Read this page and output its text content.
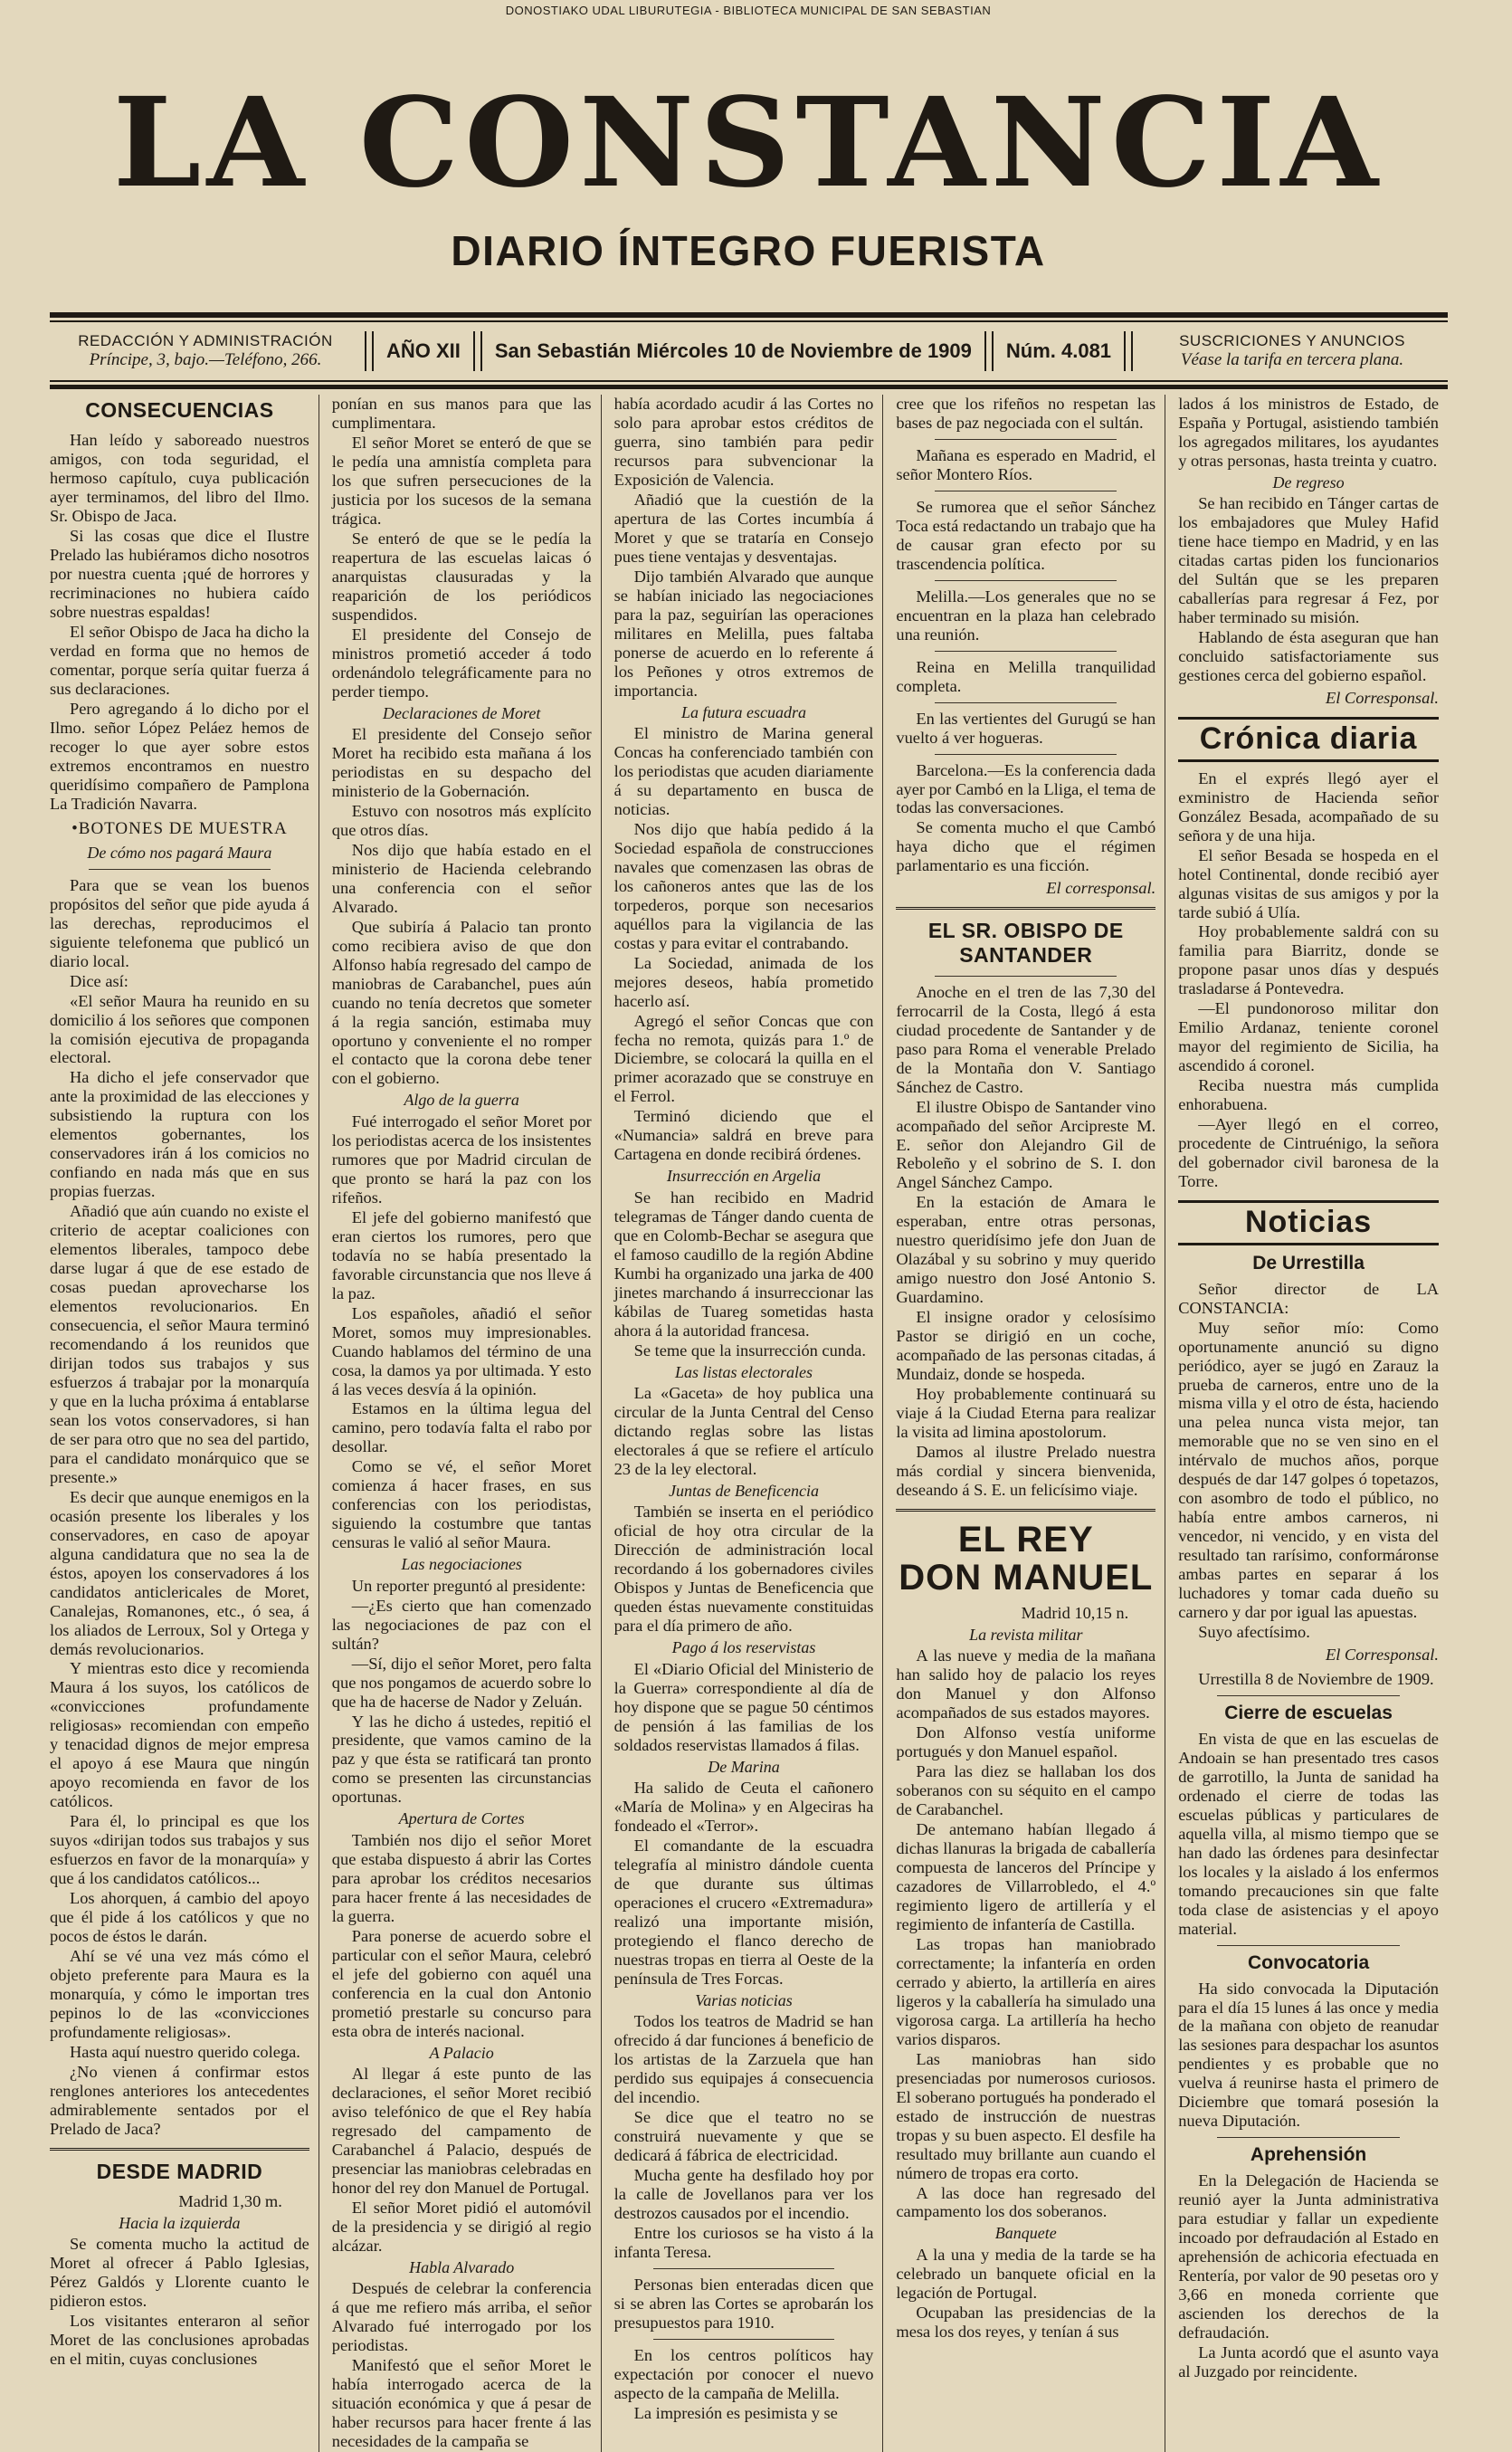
DONOSTIAKO UDAL LIBURUTEGIA - BIBLIOTECA MUNICIPAL DE SAN SEBASTIAN
LA CONSTANCIA
DIARIO ÍNTEGRO FUERISTA
REDACCIÓN Y ADMINISTRACIÓN
Príncipe, 3, bajo.—Teléfono, 266.	AÑO XII	San Sebastián Miércoles 10 de Noviembre de 1909	Núm. 4.081	SUSCRICIONES Y ANUNCIOS
Véase la tarifa en tercera plana.
CONSECUENCIAS

Han leído y saboreado nuestros amigos, con toda seguridad, el hermoso capítulo, cuya publicación ayer terminamos, del libro del Ilmo. Sr. Obispo de Jaca.

Si las cosas que dice el Ilustre Prelado las hubiéramos dicho nosotros por nuestra cuenta ¡qué de horrores y recriminaciones no hubiera caído sobre nuestras espaldas!

El señor Obispo de Jaca ha dicho la verdad en forma que no hemos de comentar, porque sería quitar fuerza á sus declaraciones.

Pero agregando á lo dicho por el Ilmo. señor López Peláez hemos de recoger lo que ayer sobre estos extremos encontramos en nuestro queridísimo compañero de Pamplona La Tradición Navarra.

•BOTONES DE MUESTRA
De cómo nos pagará Maura

Para que se vean los buenos propósitos del señor que pide ayuda á las derechas, reproducimos el siguiente telefonema que publicó un diario local.

Dice así:

«El señor Maura ha reunido en su domicilio á los señores que componen la comisión ejecutiva de propaganda electoral.

Ha dicho el jefe conservador que ante la proximidad de las elecciones y subsistiendo la ruptura con los elementos gobernantes, los conservadores irán á los comicios no confiando en nada más que en sus propias fuerzas.

Añadió que aún cuando no existe el criterio de aceptar coaliciones con elementos liberales, tampoco debe darse lugar á que de ese estado de cosas puedan aprovecharse los elementos revolucionarios. En consecuencia, el señor Maura terminó recomendando á los reunidos que dirijan todos sus trabajos y sus esfuerzos á trabajar por la monarquía y que en la lucha próxima á entablarse sean los votos conservadores, si han de ser para otro que no sea del partido, para el candidato monárquico que se presente.»

Es decir que aunque enemigos en la ocasión presente los liberales y los conservadores, en caso de apoyar alguna candidatura que no sea la de éstos, apoyen los conservadores á los candidatos anticlericales de Moret, Canalejas, Romanones, etc., ó sea, á los aliados de Lerroux, Sol y Ortega y demás revolucionarios.

Y mientras esto dice y recomienda Maura á los suyos, los católicos de «convicciones profundamente religiosas» recomiendan con empeño y tenacidad dignos de mejor empresa el apoyo á ese Maura que ningún apoyo recomienda en favor de los católicos.

Para él, lo principal es que los suyos «dirijan todos sus trabajos y sus esfuerzos en favor de la monarquía» y que á los candidatos católicos...

Los ahorquen, á cambio del apoyo que él pide á los católicos y que no pocos de éstos le darán.

Ahí se vé una vez más cómo el objeto preferente para Maura es la monarquía, y cómo le importan tres pepinos lo de las «convicciones profundamente religiosas».

Hasta aquí nuestro querido colega.

¿No vienen á confirmar estos renglones anteriores los antecedentes admirablemente sentados por el Prelado de Jaca?

DESDE MADRID
Madrid 1,30 m.
Hacia la izquierda

Se comenta mucho la actitud de Moret al ofrecer á Pablo Iglesias, Pérez Galdós y Llorente cuanto le pidieron estos.

Los visitantes enteraron al señor Moret de las conclusiones aprobadas en el mitin, cuyas conclusiones

ponían en sus manos para que las cumplimentara.

El señor Moret se enteró de que se le pedía una amnistía completa para los que sufren persecuciones de la justicia por los sucesos de la semana trágica.

Se enteró de que se le pedía la reapertura de las escuelas laicas ó anarquistas clausuradas y la reaparición de los periódicos suspendidos.

El presidente del Consejo de ministros prometió acceder á todo ordenándolo telegráficamente para no perder tiempo.

Declaraciones de Moret

El presidente del Consejo señor Moret ha recibido esta mañana á los periodistas en su despacho del ministerio de la Gobernación.

Estuvo con nosotros más explícito que otros días.

Nos dijo que había estado en el ministerio de Hacienda celebrando una conferencia con el señor Alvarado.

Que subiría á Palacio tan pronto como recibiera aviso de que don Alfonso había regresado del campo de maniobras de Carabanchel, pues aún cuando no tenía decretos que someter á la regia sanción, estimaba muy oportuno y conveniente el no romper el contacto que la corona debe tener con el gobierno.

Algo de la guerra

Fué interrogado el señor Moret por los periodistas acerca de los insistentes rumores que por Madrid circulan de que pronto se hará la paz con los rifeños.

El jefe del gobierno manifestó que eran ciertos los rumores, pero que todavía no se había presentado la favorable circunstancia que nos lleve á la paz.

Los españoles, añadió el señor Moret, somos muy impresionables. Cuando hablamos del término de una cosa, la damos ya por ultimada. Y esto á las veces desvía á la opinión.

Estamos en la última legua del camino, pero todavía falta el rabo por desollar.

Como se vé, el señor Moret comienza á hacer frases, en sus conferencias con los periodistas, siguiendo la costumbre que tantas censuras le valió al señor Maura.

Las negociaciones

Un reporter preguntó al presidente:

—¿Es cierto que han comenzado las negociaciones de paz con el sultán?

—Sí, dijo el señor Moret, pero falta que nos pongamos de acuerdo sobre lo que ha de hacerse de Nador y Zeluán.

Y las he dicho á ustedes, repitió el presidente, que vamos camino de la paz y que ésta se ratificará tan pronto como se presenten las circunstancias oportunas.

Apertura de Cortes

También nos dijo el señor Moret que estaba dispuesto á abrir las Cortes para aprobar los créditos necesarios para hacer frente á las necesidades de la guerra.

Para ponerse de acuerdo sobre el particular con el señor Maura, celebró el jefe del gobierno con aquél una conferencia en la cual don Antonio prometió prestarle su concurso para esta obra de interés nacional.

A Palacio

Al llegar á este punto de las declaraciones, el señor Moret recibió aviso telefónico de que el Rey había regresado del campamento de Carabanchel á Palacio, después de presenciar las maniobras celebradas en honor del rey don Manuel de Portugal.

El señor Moret pidió el automóvil de la presidencia y se dirigió al regio alcázar.

Habla Alvarado

Después de celebrar la conferencia á que me refiero más arriba, el señor Alvarado fué interrogado por los periodistas.

Manifestó que el señor Moret le había interrogado acerca de la situación económica y que á pesar de haber recursos para hacer frente á las necesidades de la campaña se

había acordado acudir á las Cortes no solo para aprobar estos créditos de guerra, sino también para pedir recursos para subvencionar la Exposición de Valencia.

Añadió que la cuestión de la apertura de las Cortes incumbía á Moret y que se trataría en Consejo pues tiene ventajas y desventajas.

Dijo también Alvarado que aunque se habían iniciado las negociaciones para la paz, seguirían las operaciones militares en Melilla, pues faltaba ponerse de acuerdo en lo referente á los Peñones y otros extremos de importancia.

La futura escuadra

El ministro de Marina general Concas ha conferenciado también con los periodistas que acuden diariamente á su departamento en busca de noticias.

Nos dijo que había pedido á la Sociedad española de construcciones navales que comenzasen las obras de los cañoneros antes que las de los torpederos, porque son necesarios aquéllos para la vigilancia de las costas y para evitar el contrabando.

La Sociedad, animada de los mejores deseos, había prometido hacerlo así.

Agregó el señor Concas que con fecha no remota, quizás para 1.º de Diciembre, se colocará la quilla en el primer acorazado que se construye en el Ferrol.

Terminó diciendo que el «Numancia» saldrá en breve para Cartagena en donde recibirá órdenes.

Insurrección en Argelia

Se han recibido en Madrid telegramas de Tánger dando cuenta de que en Colomb-Bechar se asegura que el famoso caudillo de la región Abdine Kumbi ha organizado una jarka de 400 jinetes marchando á insurreccionar las kábilas de Tuareg sometidas hasta ahora á la autoridad francesa.

Se teme que la insurrección cunda.

Las listas electorales

La «Gaceta» de hoy publica una circular de la Junta Central del Censo dictando reglas sobre las listas electorales á que se refiere el artículo 23 de la ley electoral.

Juntas de Beneficencia

También se inserta en el periódico oficial de hoy otra circular de la Dirección de administración local recordando á los gobernadores civiles Obispos y Juntas de Beneficencia que queden éstas nuevamente constituidas para el día primero de año.

Pago á los reservistas

El «Diario Oficial del Ministerio de la Guerra» correspondiente al día de hoy dispone que se pague 50 céntimos de pensión á las familias de los soldados reservistas llamados á filas.

De Marina

Ha salido de Ceuta el cañonero «María de Molina» y en Algeciras ha fondeado el «Terror».

El comandante de la escuadra telegrafía al ministro dándole cuenta de que durante sus últimas operaciones el crucero «Extremadura» realizó una importante misión, protegiendo el flanco derecho de nuestras tropas en tierra al Oeste de la península de Tres Forcas.

Varias noticias

Todos los teatros de Madrid se han ofrecido á dar funciones á beneficio de los artistas de la Zarzuela que han perdido sus equipajes á consecuencia del incendio.

Se dice que el teatro no se construirá nuevamente y que se dedicará á fábrica de electricidad.

Mucha gente ha desfilado hoy por la calle de Jovellanos para ver los destrozos causados por el incendio.

Entre los curiosos se ha visto á la infanta Teresa.

Personas bien enteradas dicen que si se abren las Cortes se aprobarán los presupuestos para 1910.

En los centros políticos hay expectación por conocer el nuevo aspecto de la campaña de Melilla.

La impresión es pesimista y se

cree que los rifeños no respetan las bases de paz negociada con el sultán.

Mañana es esperado en Madrid, el señor Montero Ríos.

Se rumorea que el señor Sánchez Toca está redactando un trabajo que ha de causar gran efecto por su trascendencia política.

Melilla.—Los generales que no se encuentran en la plaza han celebrado una reunión.

Reina en Melilla tranquilidad completa.

En las vertientes del Gurugú se han vuelto á ver hogueras.

Barcelona.—Es la conferencia dada ayer por Cambó en la Lliga, el tema de todas las conversaciones.

Se comenta mucho el que Cambó haya dicho que el régimen parlamentario es una ficción.

El corresponsal.
EL SR. OBISPO DE SANTANDER

Anoche en el tren de las 7,30 del ferrocarril de la Costa, llegó á esta ciudad procedente de Santander y de paso para Roma el venerable Prelado de la Montaña don V. Santiago Sánchez de Castro.

El ilustre Obispo de Santander vino acompañado del señor Arcipreste M. E. señor don Alejandro Gil de Reboleño y el sobrino de S. I. don Angel Sánchez Campo.

En la estación de Amara le esperaban, entre otras personas, nuestro queridísimo jefe don Juan de Olazábal y su sobrino y muy querido amigo nuestro don José Antonio S. Guardamino.

El insigne orador y celosísimo Pastor se dirigió en un coche, acompañado de las personas citadas, á Mundaiz, donde se hospeda.

Hoy probablemente continuará su viaje á la Ciudad Eterna para realizar la visita ad limina apostolorum.

Damos al ilustre Prelado nuestra más cordial y sincera bienvenida, deseando á S. E. un felicísimo viaje.

EL REY
DON MANUEL
Madrid 10,15 n.
La revista militar

A las nueve y media de la mañana han salido hoy de palacio los reyes don Manuel y don Alfonso acompañados de sus estados mayores.

Don Alfonso vestía uniforme portugués y don Manuel español.

Para las diez se hallaban los dos soberanos con su séquito en el campo de Carabanchel.

De antemano habían llegado á dichas llanuras la brigada de caballería compuesta de lanceros del Príncipe y cazadores de Villarrobledo, el 4.º regimiento ligero de artillería y el regimiento de infantería de Castilla.

Las tropas han maniobrado correctamente; la infantería en orden cerrado y abierto, la artillería en aires ligeros y la caballería ha simulado una vigorosa carga. La artillería ha hecho varios disparos.

Las maniobras han sido presenciadas por numerosos curiosos. El soberano portugués ha ponderado el estado de instrucción de nuestras tropas y su buen aspecto. El desfile ha resultado muy brillante aun cuando el número de tropas era corto.

A las doce han regresado del campamento los dos soberanos.

Banquete

A la una y media de la tarde se ha celebrado un banquete oficial en la legación de Portugal.

Ocupaban las presidencias de la mesa los dos reyes, y tenían á sus

lados á los ministros de Estado, de España y Portugal, asistiendo también los agregados militares, los ayudantes y otras personas, hasta treinta y cuatro.

De regreso

Se han recibido en Tánger cartas de los embajadores que Muley Hafid tiene hace tiempo en Madrid, y en las citadas cartas piden los funcionarios del Sultán que se les preparen caballerías para regresar á Fez, por haber terminado su misión.

Hablando de ésta aseguran que han concluido satisfactoriamente sus gestiones cerca del gobierno español.

El Corresponsal.
Crónica diaria

En el exprés llegó ayer el exministro de Hacienda señor González Besada, acompañado de su señora y de una hija.

El señor Besada se hospeda en el hotel Continental, donde recibió ayer algunas visitas de sus amigos y por la tarde subió á Ulía.

Hoy probablemente saldrá con su familia para Biarritz, donde se propone pasar unos días y después trasladarse á Pontevedra.

—El pundonoroso militar don Emilio Ardanaz, teniente coronel mayor del regimiento de Sicilia, ha ascendido á coronel.

Reciba nuestra más cumplida enhorabuena.

—Ayer llegó en el correo, procedente de Cintruénigo, la señora del gobernador civil baronesa de la Torre.

Noticias
De Urrestilla

Señor director de LA CONSTANCIA:

Muy señor mío: Como oportunamente anunció su digno periódico, ayer se jugó en Zarauz la prueba de carneros, entre uno de la misma villa y el otro de ésta, haciendo una pelea nunca vista mejor, tan memorable que no se ven sino en el intérvalo de muchos años, porque después de dar 147 golpes ó topetazos, con asombro de todo el público, no había entre ambos carneros, ni vencedor, ni vencido, y en vista del resultado tan rarísimo, conformáronse ambas partes en separar á los luchadores y tomar cada dueño su carnero y dar por igual las apuestas.

Suyo afectísimo.

El Corresponsal.

Urrestilla 8 de Noviembre de 1909.

Cierre de escuelas

En vista de que en las escuelas de Andoain se han presentado tres casos de garrotillo, la Junta de sanidad ha ordenado el cierre de todas las escuelas públicas y particulares de aquella villa, al mismo tiempo que se han dado las órdenes para desinfectar los locales y la aislado á los enfermos tomando precauciones sin que falte toda clase de asistencias y el apoyo material.

Convocatoria

Ha sido convocada la Diputación para el día 15 lunes á las once y media de la mañana con objeto de reanudar las sesiones para despachar los asuntos pendientes y es probable que no vuelva á reunirse hasta el primero de Diciembre que tomará posesión la nueva Diputación.

Aprehensión

En la Delegación de Hacienda se reunió ayer la Junta administrativa para estudiar y fallar un expediente incoado por defraudación al Estado en aprehensión de achicoria efectuada en Rentería, por valor de 90 pesetas oro y 3,66 en moneda corriente que ascienden los derechos de la defraudación.

La Junta acordó que el asunto vaya al Juzgado por reincidente.
